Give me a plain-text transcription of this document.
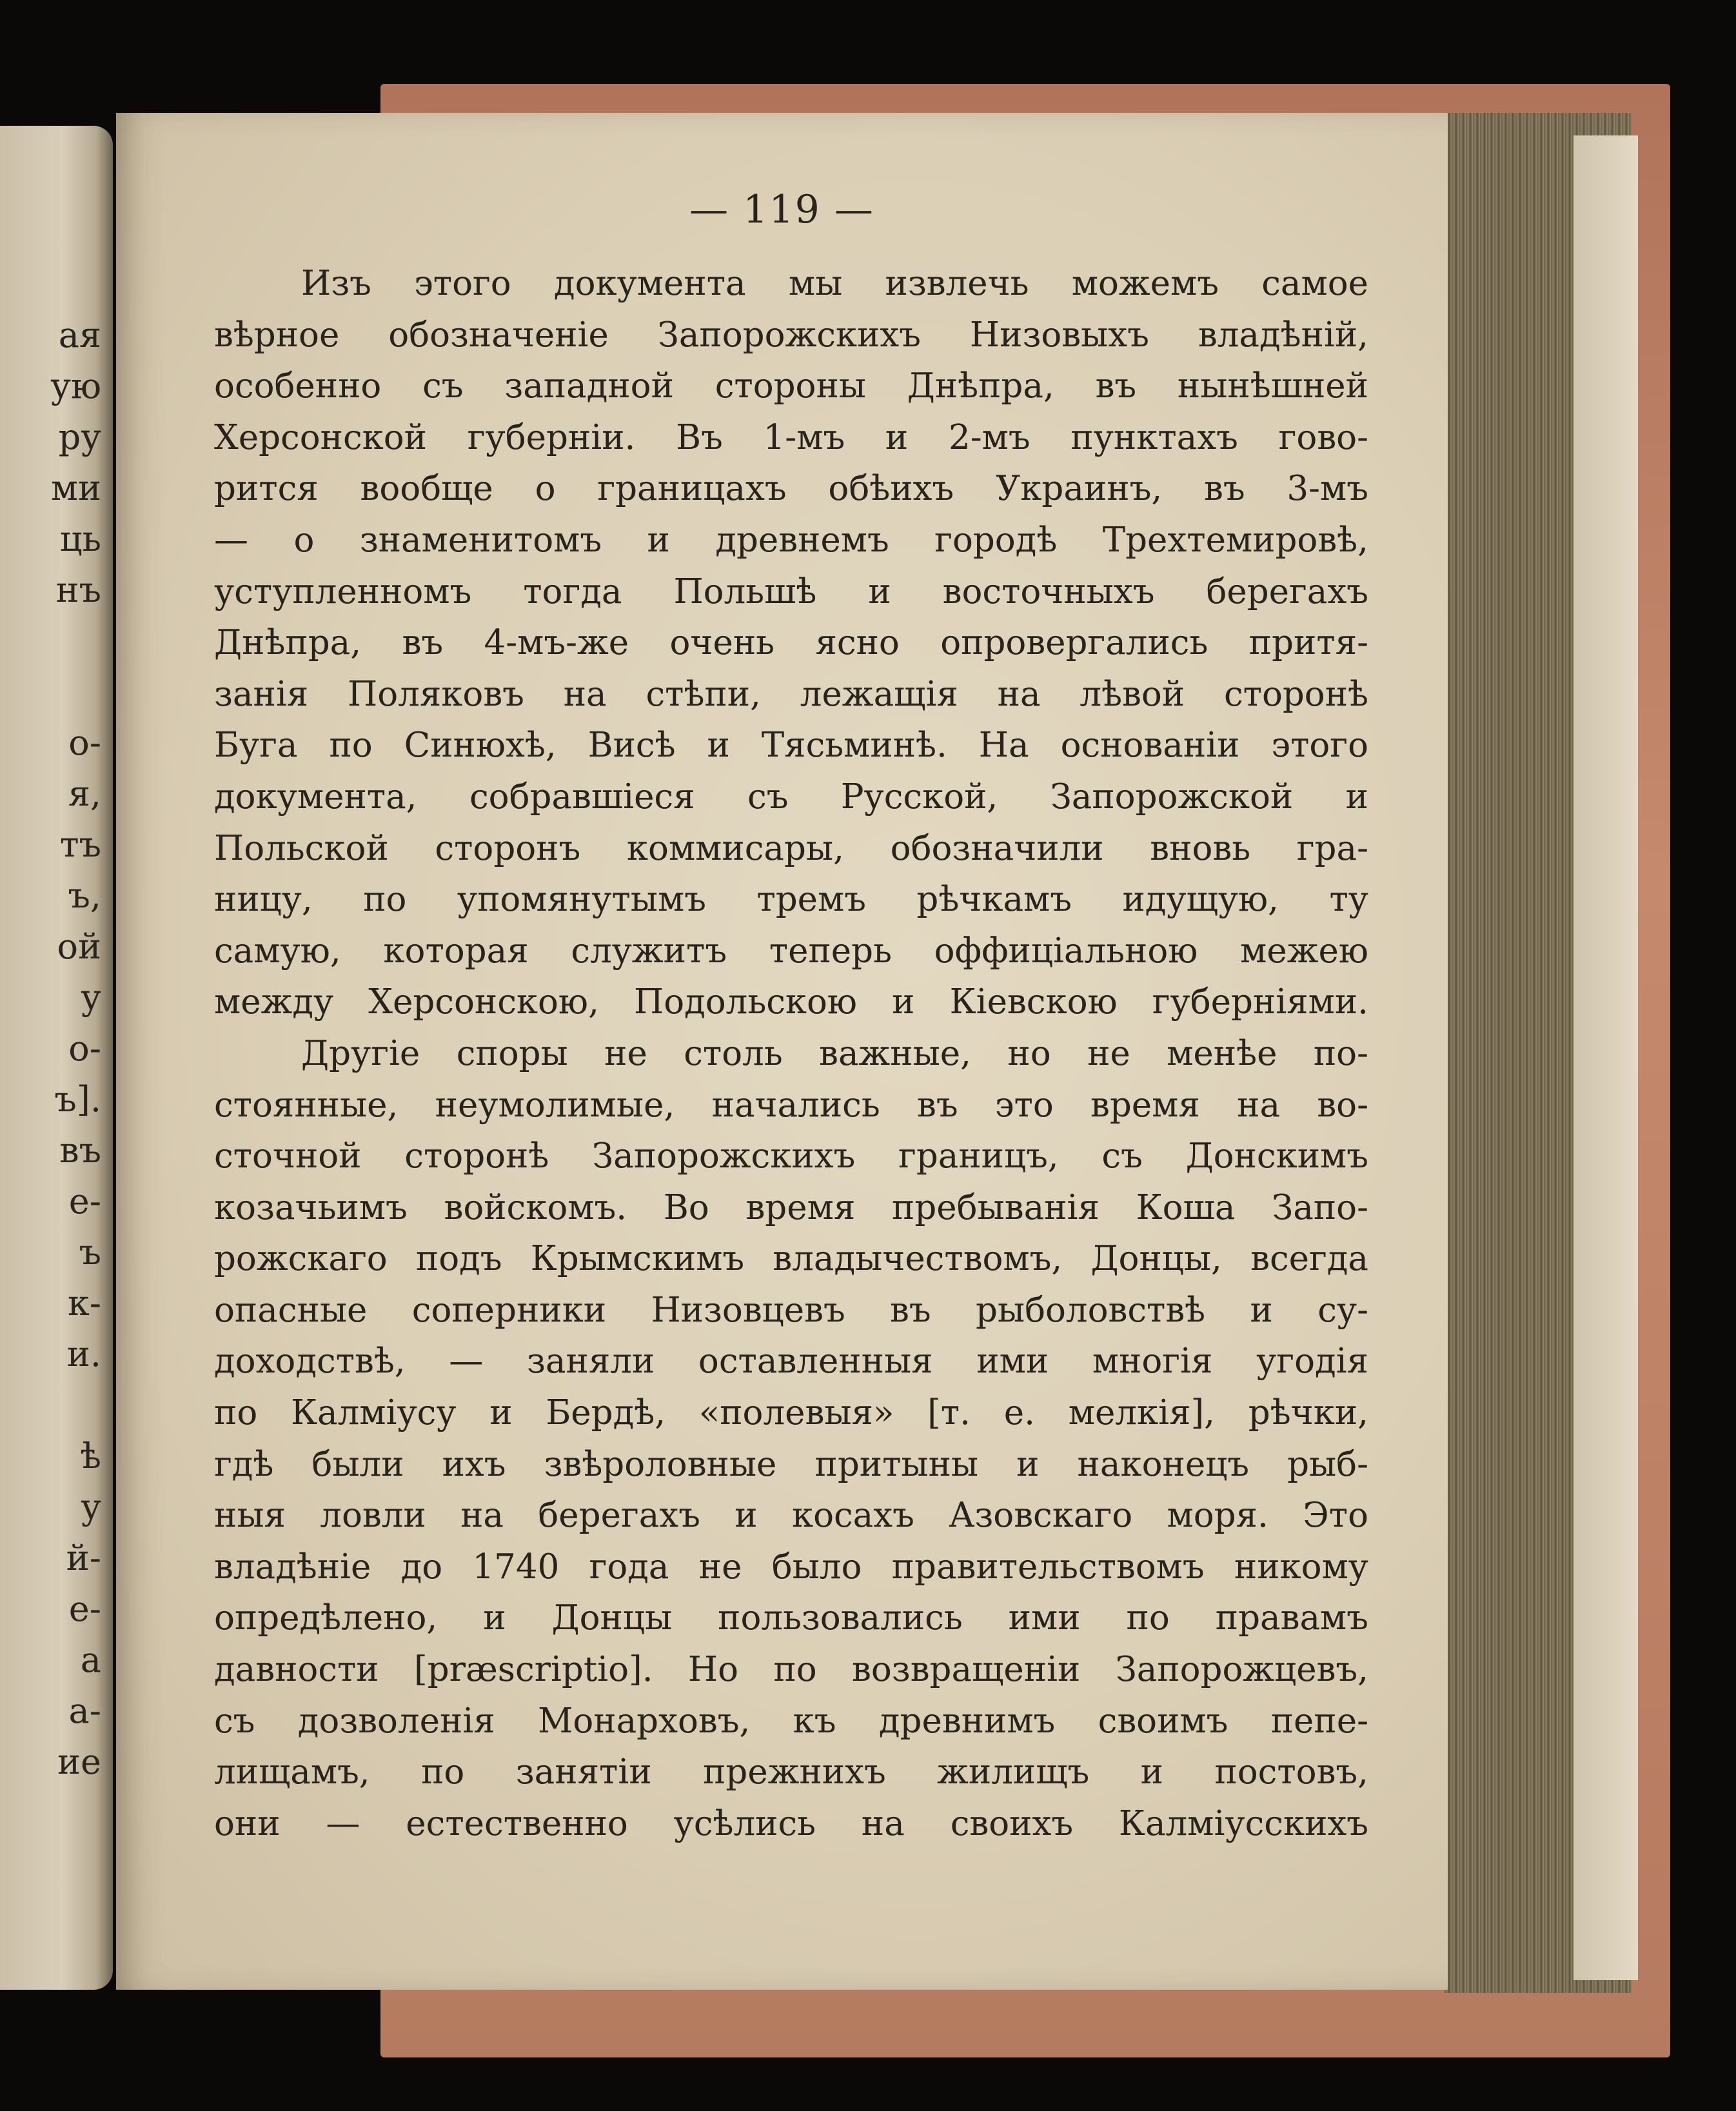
ая
ую
ру
ми
ць
нъ
о-
я,
тъ
ъ,
ой
у
о-
ъ].
въ
е-
ъ
к-
и.
ѣ
у
й-
е-
а
а-
ие
— 119 —
Изъ этого документа мы извлечь можемъ самое
вѣрное обозначеніе Запорожскихъ Низовыхъ владѣній,
особенно съ западной стороны Днѣпра, въ нынѣшней
Херсонской губерніи. Въ 1-мъ и 2-мъ пунктахъ гово-
рится вообще о границахъ обѣихъ Украинъ, въ 3-мъ
— о знаменитомъ и древнемъ городѣ Трехтемировѣ,
уступленномъ тогда Польшѣ и восточныхъ берегахъ
Днѣпра, въ 4-мъ-же очень ясно опровергались притя-
занія Поляковъ на стѣпи, лежащія на лѣвой сторонѣ
Буга по Синюхѣ, Висѣ и Тясьминѣ. На основаніи этого
документа, собравшіеся съ Русской, Запорожской и
Польской сторонъ коммисары, обозначили вновь гра-
ницу, по упомянутымъ тремъ рѣчкамъ идущую, ту
самую, которая служитъ теперь оффиціальною межею
между Херсонскою, Подольскою и Кіевскою губерніями.
Другіе споры не столь важные, но не менѣе по-
стоянные, неумолимые, начались въ это время на во-
сточной сторонѣ Запорожскихъ границъ, съ Донскимъ
козачьимъ войскомъ. Во время пребыванія Коша Запо-
рожскаго подъ Крымскимъ владычествомъ, Донцы, всегда
опасные соперники Низовцевъ въ рыболовствѣ и су-
доходствѣ, — заняли оставленныя ими многія угодія
по Калміусу и Бердѣ, «полевыя» [т. е. мелкія], рѣчки,
гдѣ были ихъ звѣроловные притыны и наконецъ рыб-
ныя ловли на берегахъ и косахъ Азовскаго моря. Это
владѣніе до 1740 года не было правительствомъ никому
опредѣлено, и Донцы пользовались ими по правамъ
давности [præscriptio]. Но по возвращеніи Запорожцевъ,
съ дозволенія Монарховъ, къ древнимъ своимъ пепе-
лищамъ, по занятіи прежнихъ жилищъ и постовъ,
они — естественно усѣлись на своихъ Калміусскихъ
